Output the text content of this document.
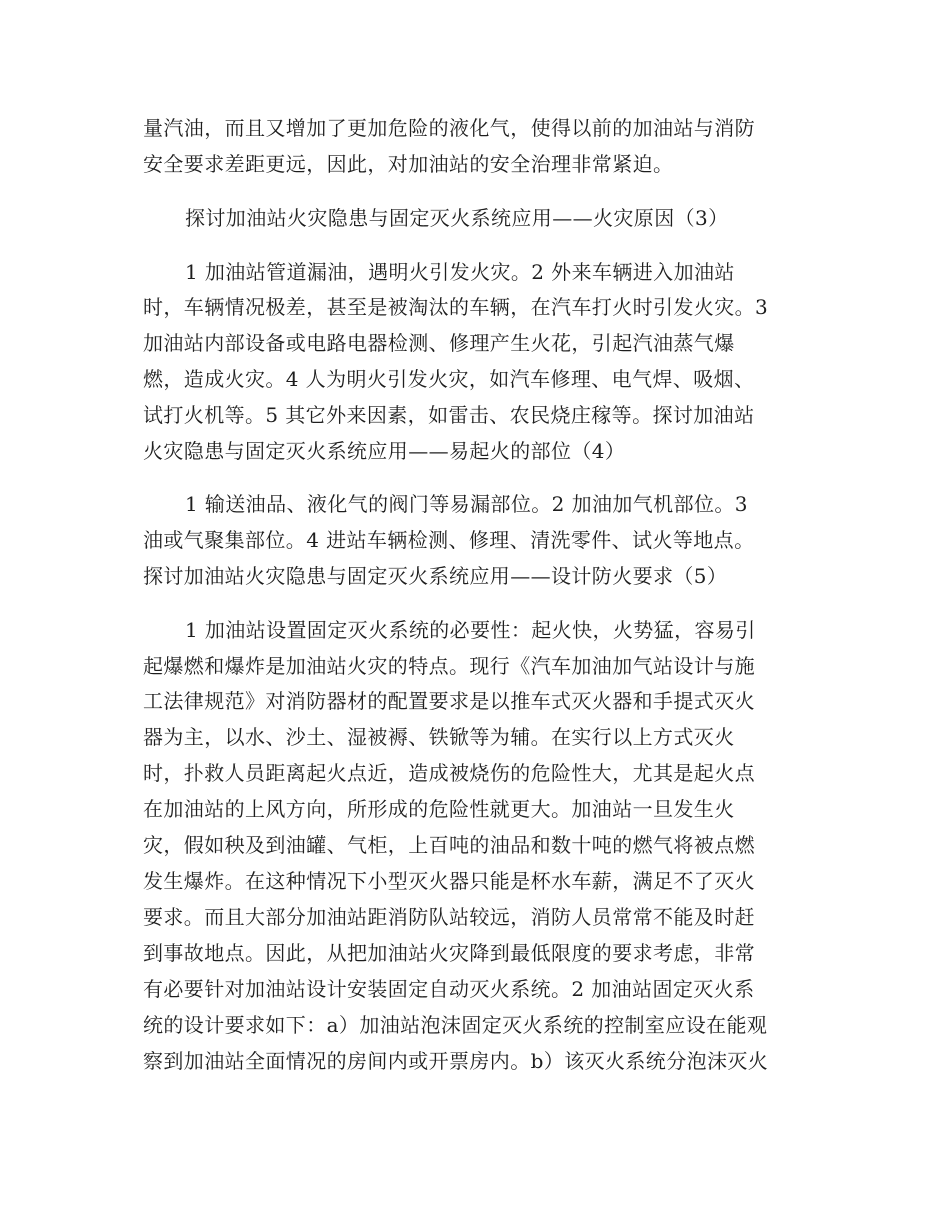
量汽油，而且又增加了更加危险的液化气，使得以前的加油站与消防
安全要求差距更远，因此，对加油站的安全治理非常紧迫。
探讨加油站火灾隐患与固定灭火系统应用——火灾原因（3）
1 加油站管道漏油，遇明火引发火灾。2 外来车辆进入加油站
时，车辆情况极差，甚至是被淘汰的车辆，在汽车打火时引发火灾。3
加油站内部设备或电路电器检测、修理产生火花，引起汽油蒸气爆
燃，造成火灾。4 人为明火引发火灾，如汽车修理、电气焊、吸烟、
试打火机等。5 其它外来因素，如雷击、农民烧庄稼等。探讨加油站
火灾隐患与固定灭火系统应用——易起火的部位（4）
1 输送油品、液化气的阀门等易漏部位。2 加油加气机部位。3
油或气聚集部位。4 进站车辆检测、修理、清洗零件、试火等地点。
探讨加油站火灾隐患与固定灭火系统应用——设计防火要求（5）
1 加油站设置固定灭火系统的必要性：起火快，火势猛，容易引
起爆燃和爆炸是加油站火灾的特点。现行《汽车加油加气站设计与施
工法律规范》对消防器材的配置要求是以推车式灭火器和手提式灭火
器为主，以水、沙土、湿被褥、铁锨等为辅。在实行以上方式灭火
时，扑救人员距离起火点近，造成被烧伤的危险性大，尤其是起火点
在加油站的上风方向，所形成的危险性就更大。加油站一旦发生火
灾，假如秧及到油罐、气柜，上百吨的油品和数十吨的燃气将被点燃
发生爆炸。在这种情况下小型灭火器只能是杯水车薪，满足不了灭火
要求。而且大部分加油站距消防队站较远，消防人员常常不能及时赶
到事故地点。因此，从把加油站火灾降到最低限度的要求考虑，非常
有必要针对加油站设计安装固定自动灭火系统。2 加油站固定灭火系
统的设计要求如下：a）加油站泡沫固定灭火系统的控制室应设在能观
察到加油站全面情况的房间内或开票房内。b）该灭火系统分泡沫灭火
